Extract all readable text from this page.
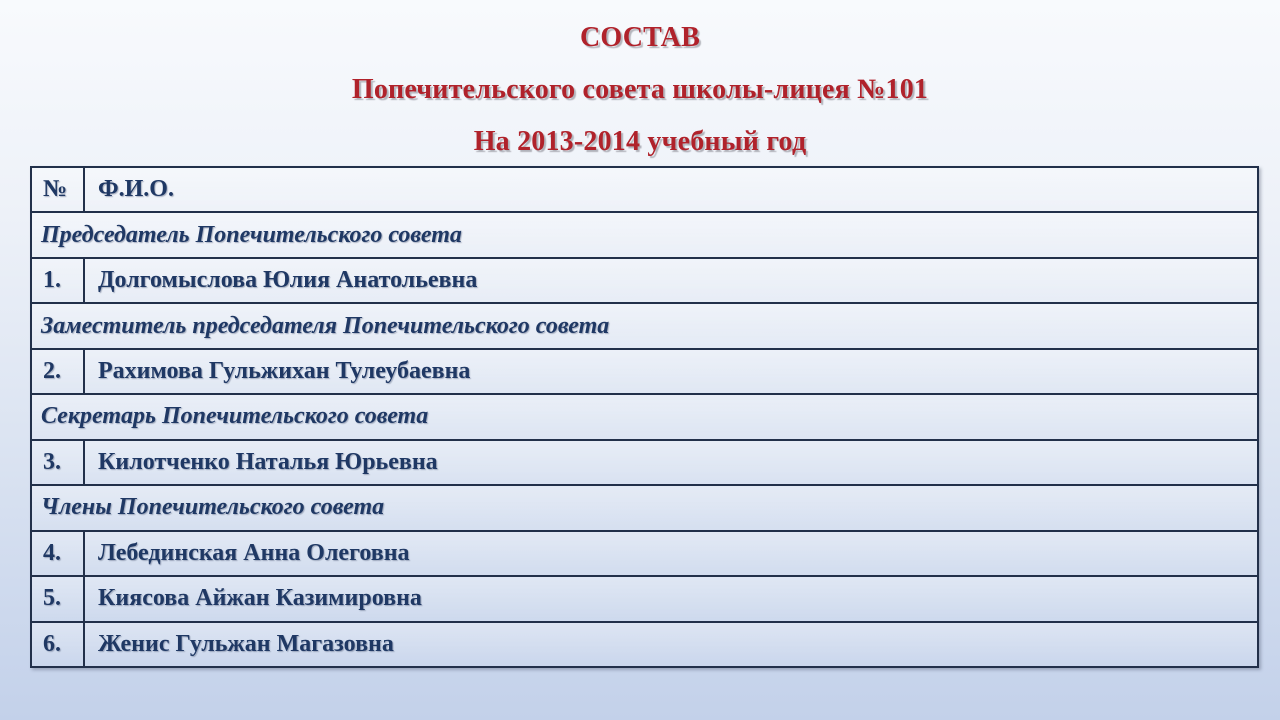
СОСТАВ
Попечительского совета школы-лицея №101
На 2013-2014 учебный год
№	Ф.И.О.
Председатель Попечительского совета	
1.	Долгомыслова Юлия Анатольевна
Заместитель председателя Попечительского совета	
2.	Рахимова Гульжихан Тулеубаевна
Секретарь Попечительского совета	
3.	Килотченко Наталья Юрьевна
Члены Попечительского совета	
4.	Лебединская Анна Олеговна
5.	Киясова Айжан Казимировна
6.	Женис Гульжан Магазовна
